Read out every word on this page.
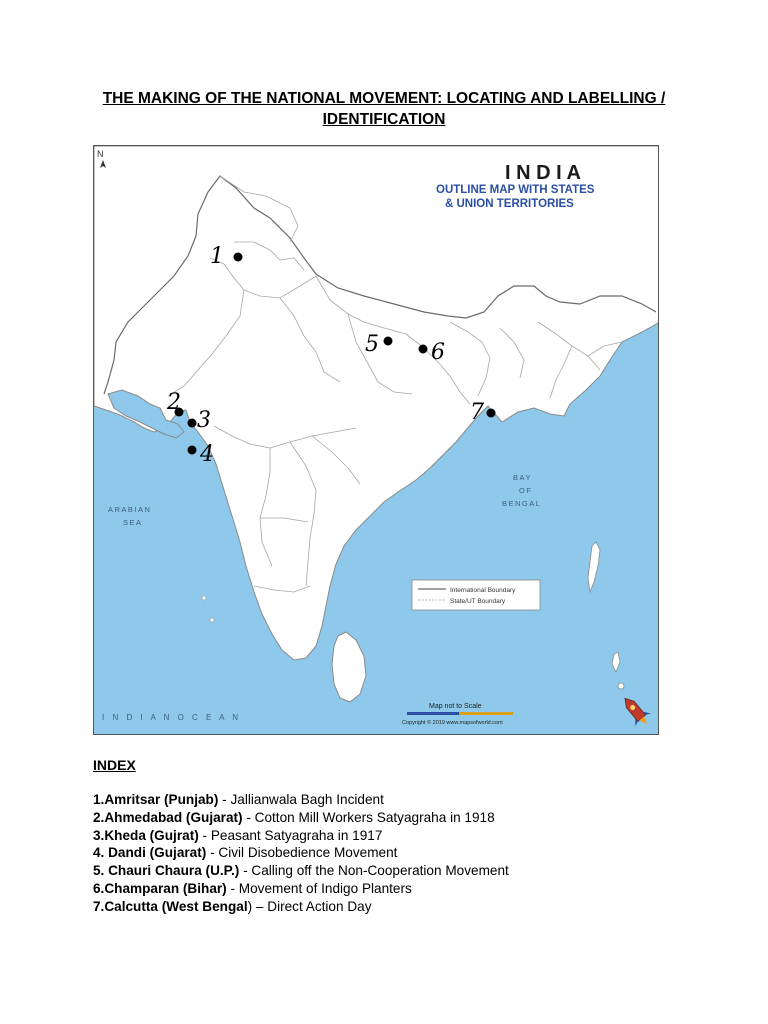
THE MAKING OF THE NATIONAL MOVEMENT: LOCATING AND LABELLING /
IDENTIFICATION
I N D I A
OUTLINE MAP WITH STATES
& UNION TERRITORIES
N
ARABIAN
SEA
BAY
OF
BENGAL
I N D I A N O C E A N
International Boundary
State/UT Boundary
Map not to Scale
Copyright © 2019 www.mapsofworld.com
1
5 6
2
3
4
7
INDEX
1.Amritsar (Punjab) - Jallianwala Bagh Incident
2.Ahmedabad (Gujarat) - Cotton Mill Workers Satyagraha in 1918
3.Kheda (Gujrat) - Peasant Satyagraha in 1917
4. Dandi (Gujarat) - Civil Disobedience Movement
5. Chauri Chaura (U.P.) - Calling off the Non-Cooperation Movement
6.Champaran (Bihar) - Movement of Indigo Planters
7.Calcutta (West Bengal) – Direct Action Day
